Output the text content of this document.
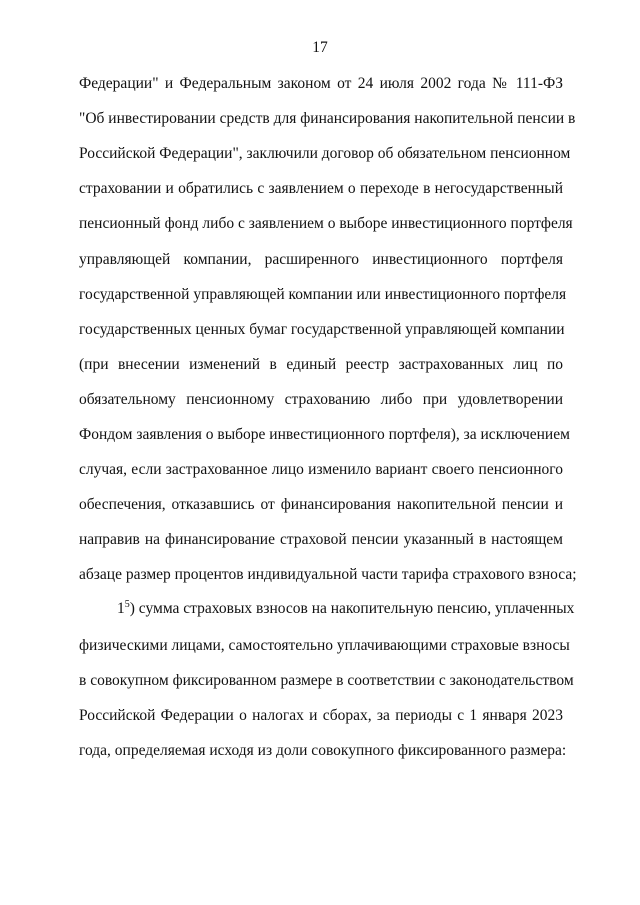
17
Федерации" и Федеральным законом от 24 июля 2002 года № 111-ФЗ
"Об инвестировании средств для финансирования накопительной пенсии в
Российской Федерации", заключили договор об обязательном пенсионном
страховании и обратились с заявлением о переходе в негосударственный
пенсионный фонд либо с заявлением о выборе инвестиционного портфеля
управляющей компании, расширенного инвестиционного портфеля
государственной управляющей компании или инвестиционного портфеля
государственных ценных бумаг государственной управляющей компании
(при внесении изменений в единый реестр застрахованных лиц по
обязательному пенсионному страхованию либо при удовлетворении
Фондом заявления о выборе инвестиционного портфеля), за исключением
случая, если застрахованное лицо изменило вариант своего пенсионного
обеспечения, отказавшись от финансирования накопительной пенсии и
направив на финансирование страховой пенсии указанный в настоящем
абзаце размер процентов индивидуальной части тарифа страхового взноса;
$1^5$) сумма страховых взносов на накопительную пенсию, уплаченных
физическими лицами, самостоятельно уплачивающими страховые взносы
в совокупном фиксированном размере в соответствии с законодательством
Российской Федерации о налогах и сборах, за периоды с 1 января 2023
года, определяемая исходя из доли совокупного фиксированного размера:
